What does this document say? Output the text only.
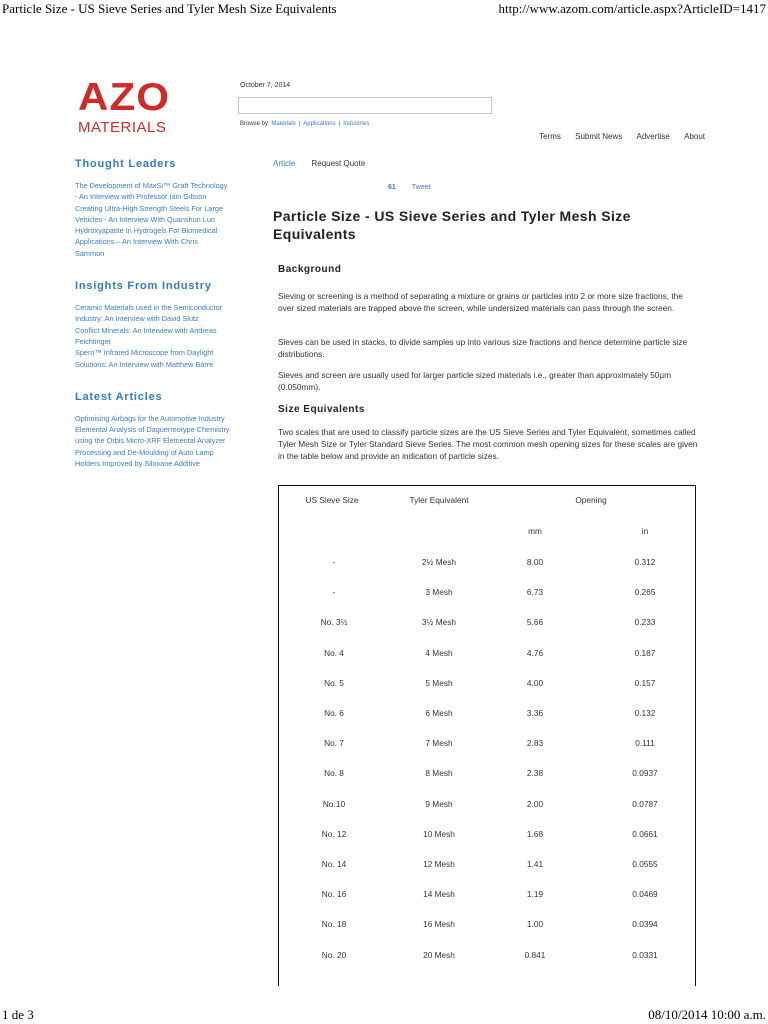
Particle Size - US Sieve Series and Tyler Mesh Size Equivalents	http://www.azom.com/article.aspx?ArticleID=1417
1 de 3	08/10/2014 10:00 a.m.
AZO
MATERIALS
October 7, 2014
Browse by: Materials | Applications | Industries
Terms Submit News Advertise About
Thought Leaders
The Development of MaxSi™ Graft Technology
- An Interview with Professor Iain Gibson
Creating Ultra-High Strength Steels For Large
Vehicles - An Interview With Quanshun Luo
Hydroxyapatite In Hydrogels For Biomedical
Applications – An Interview With Chris
Sammon
Insights From Industry
Ceramic Materials used in the Semiconductor
Industry: An Interview with David Slutz
Conflict Minerals: An Interview with Andreas
Feichtinger
Spero™ Infrared Microscope from Daylight
Solutions: An Interview with Matthew Barre
Latest Articles
Optimising Airbags for the Automotive Industry
Elemental Analysis of Daguerreotype Chemistry
using the Orbis Micro-XRF Elemental Analyzer
Processing and De-Moulding of Auto Lamp
Holders Improved by Siloxane Additive
Article Request Quote
61 Tweet
Particle Size - US Sieve Series and Tyler Mesh Size Equivalents
Background

Sieving or screening is a method of separating a mixture or grains or particles into 2 or more size fractions, the over sized materials are trapped above the screen, while undersized materials can pass through the screen.

Sieves can be used in stacks, to divide samples up into various size fractions and hence determine particle size distributions.

Sieves and screen are usually used for larger particle sized materials i.e., greater than approximately 50µm (0.050mm).

Size Equivalents

Two scales that are used to classify particle sizes are the US Sieve Series and Tyler Equivalent, sometimes called Tyler Mesh Size or Tyler Standard Sieve Series. The most common mesh opening sizes for these scales are given in the table below and provide an indication of particle sizes.

US Sieve Size	Tyler Equivalent	Opening
mm	in
-	2½ Mesh	8.00	0.312
-	3 Mesh	6.73	0.265
No. 3½	3½ Mesh	5.66	0.233
No. 4	4 Mesh	4.76	0.187
No. 5	5 Mesh	4.00	0.157
No. 6	6 Mesh	3.36	0.132
No. 7	7 Mesh	2.83	0.111
No. 8	8 Mesh	2.38	0.0937
No.10	9 Mesh	2.00	0.0787
No. 12	10 Mesh	1.68	0.0661
No. 14	12 Mesh	1.41	0.0555
No. 16	14 Mesh	1.19	0.0469
No. 18	16 Mesh	1.00	0.0394
No. 20	20 Mesh	0.841	0.0331
